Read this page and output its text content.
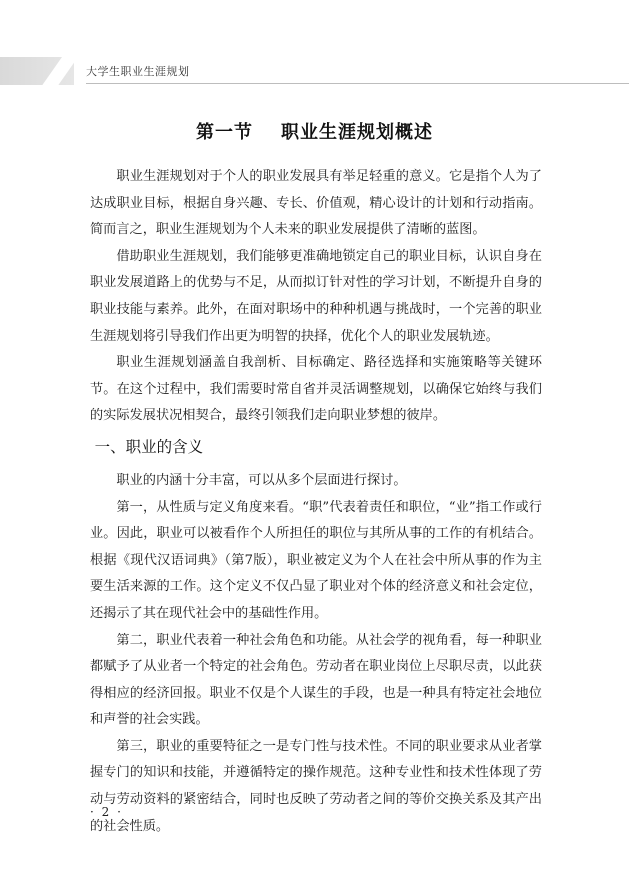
大学生职业生涯规划
第一节 职业生涯规划概述

职业生涯规划对于个人的职业发展具有举足轻重的意义。它是指个人为了达成职业目标，根据自身兴趣、专长、价值观，精心设计的计划和行动指南。简而言之，职业生涯规划为个人未来的职业发展提供了清晰的蓝图。

借助职业生涯规划，我们能够更准确地锁定自己的职业目标，认识自身在职业发展道路上的优势与不足，从而拟订针对性的学习计划，不断提升自身的职业技能与素养。此外，在面对职场中的种种机遇与挑战时，一个完善的职业生涯规划将引导我们作出更为明智的抉择，优化个人的职业发展轨迹。

职业生涯规划涵盖自我剖析、目标确定、路径选择和实施策略等关键环节。在这个过程中，我们需要时常自省并灵活调整规划，以确保它始终与我们的实际发展状况相契合，最终引领我们走向职业梦想的彼岸。

一、职业的含义

职业的内涵十分丰富，可以从多个层面进行探讨。

第一，从性质与定义角度来看。“职”代表着责任和职位，“业”指工作或行业。因此，职业可以被看作个人所担任的职位与其所从事的工作的有机结合。根据《现代汉语词典》（第7版），职业被定义为个人在社会中所从事的作为主要生活来源的工作。这个定义不仅凸显了职业对个体的经济意义和社会定位，还揭示了其在现代社会中的基础性作用。

第二，职业代表着一种社会角色和功能。从社会学的视角看，每一种职业都赋予了从业者一个特定的社会角色。劳动者在职业岗位上尽职尽责，以此获得相应的经济回报。职业不仅是个人谋生的手段，也是一种具有特定社会地位和声誉的社会实践。

第三，职业的重要特征之一是专门性与技术性。不同的职业要求从业者掌握专门的知识和技能，并遵循特定的操作规范。这种专业性和技术性体现了劳动与劳动资料的紧密结合，同时也反映了劳动者之间的等价交换关系及其产出的社会性质。

· 2 ·
